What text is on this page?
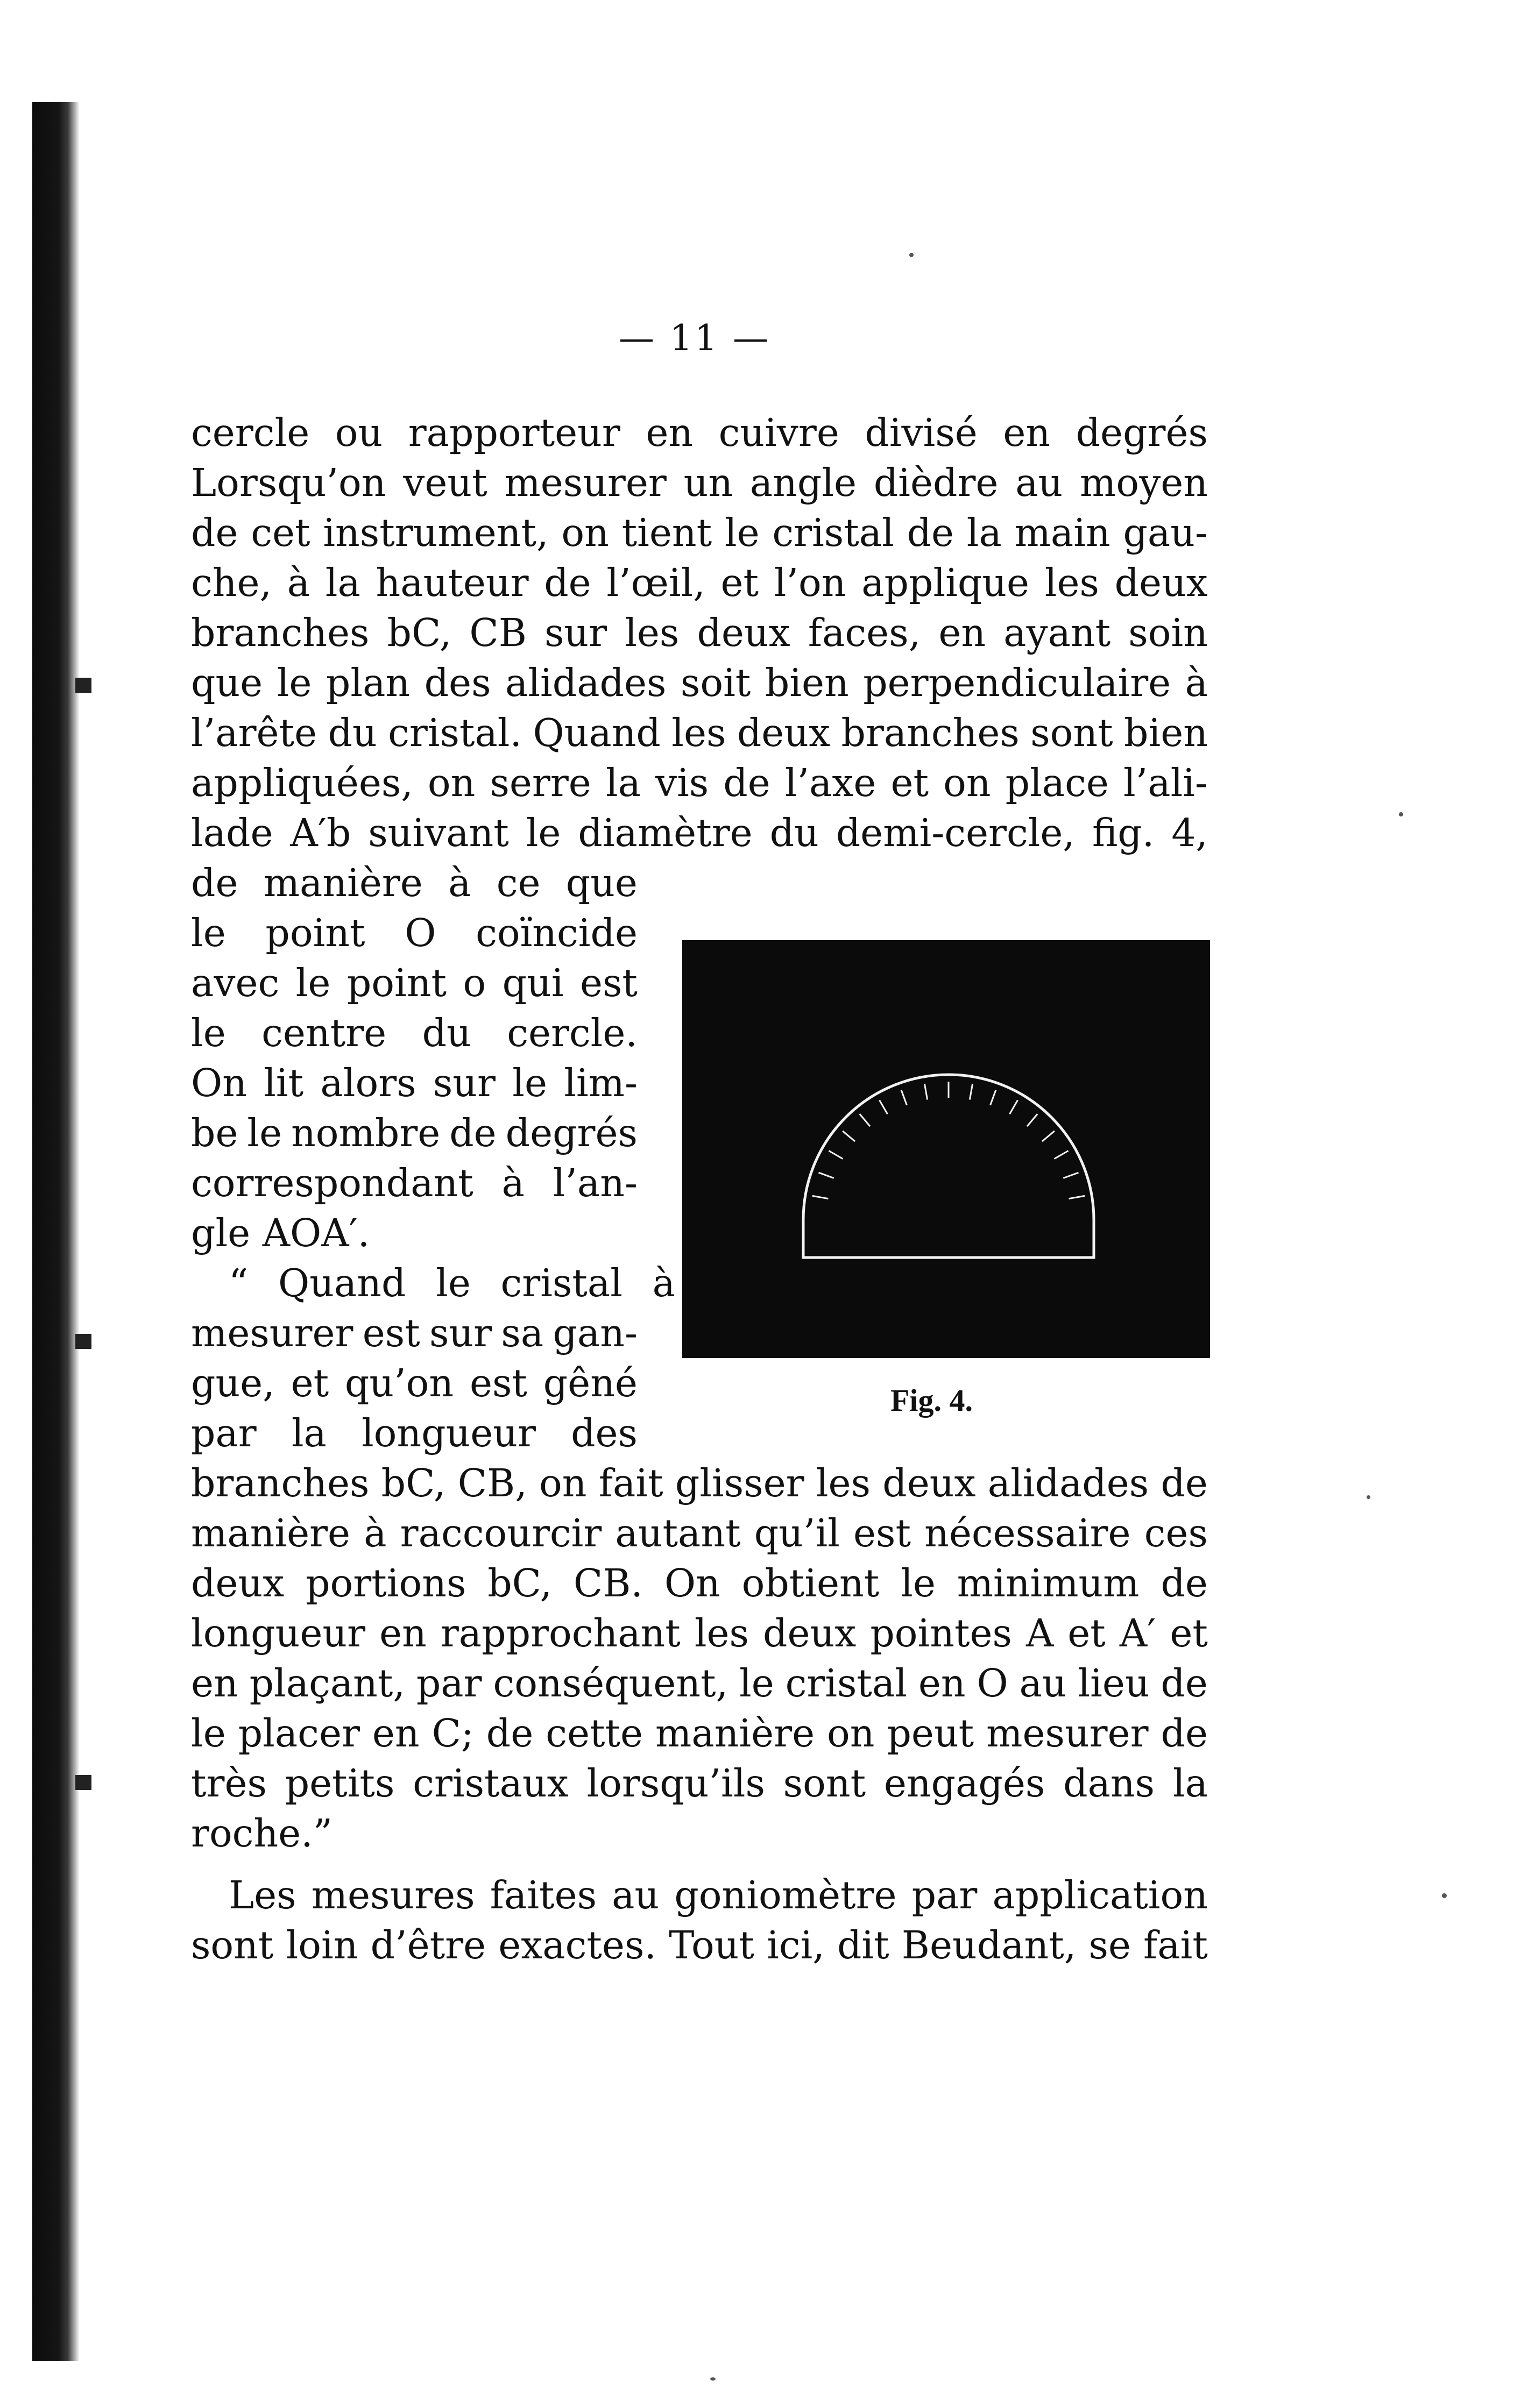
— 11 —
cercle ou rapporteur en cuivre divisé en degrés
Lorsqu’on veut mesurer un angle dièdre au moyen
de cet instrument, on tient le cristal de la main gau-
che, à la hauteur de l’œil, et l’on applique les deux
branches bC, CB sur les deux faces, en ayant soin
que le plan des alidades soit bien perpendiculaire à
l’arête du cristal. Quand les deux branches sont bien
appliquées, on serre la vis de l’axe et on place l’ali-
lade A′b suivant le diamètre du demi-cercle, fig. 4,
de manière à ce que
le point O coïncide
avec le point o qui est
le centre du cercle.
On lit alors sur le lim-
be le nombre de degrés
correspondant à l’an-
gle AOA′.
“ Quand le cristal à
mesurer est sur sa gan-
gue, et qu’on est gêné
par la longueur des
branches bC, CB, on fait glisser les deux alidades de
manière à raccourcir autant qu’il est nécessaire ces
deux portions bC, CB. On obtient le minimum de
longueur en rapprochant les deux pointes A et A′ et
en plaçant, par conséquent, le cristal en O au lieu de
le placer en C; de cette manière on peut mesurer de
très petits cristaux lorsqu’ils sont engagés dans la
roche.”
Les mesures faites au goniomètre par application
sont loin d’être exactes. Tout ici, dit Beudant, se fait
Fig. 4.
